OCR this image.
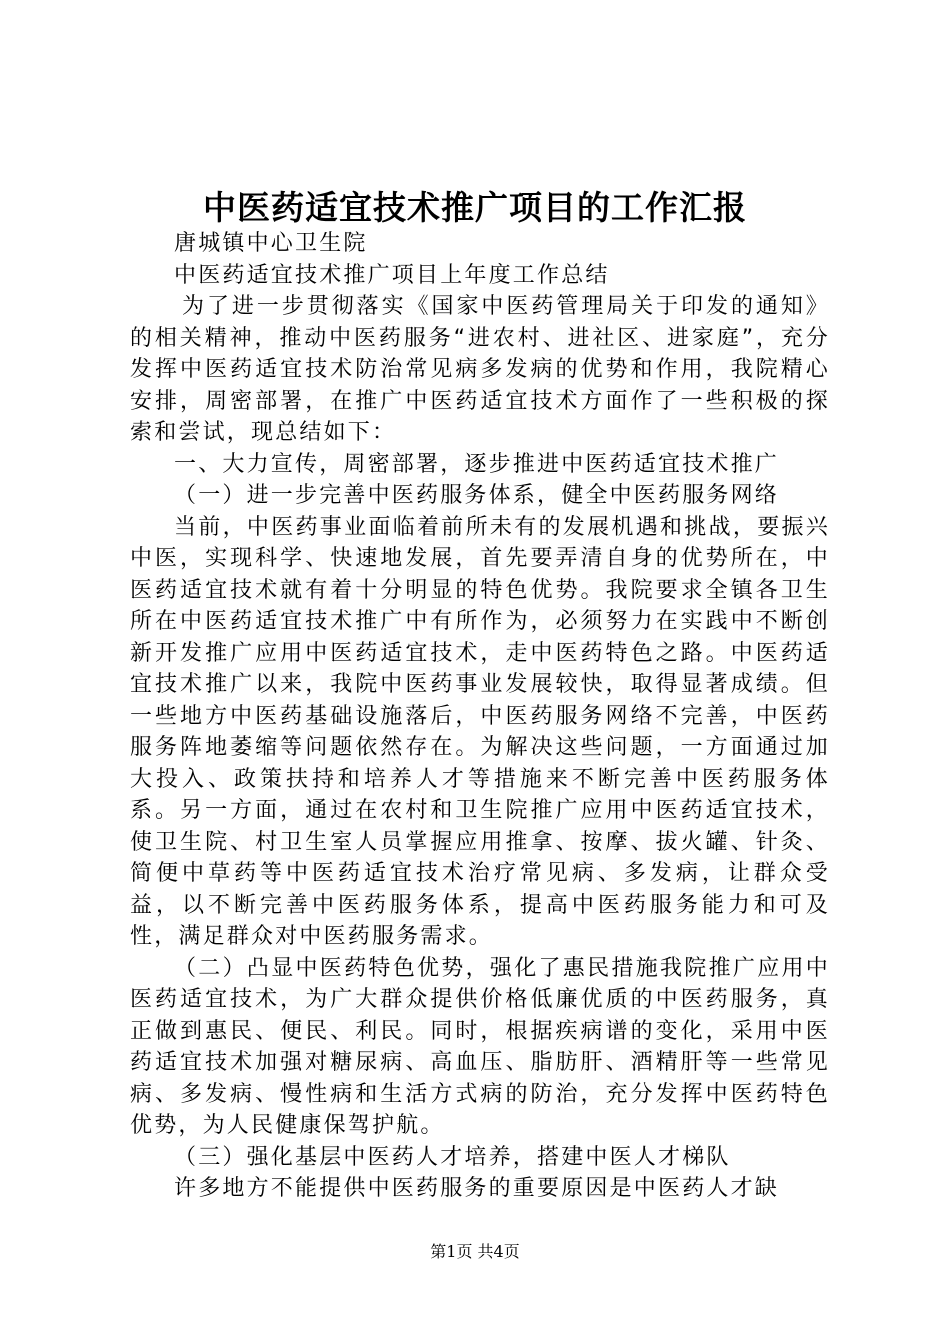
中医药适宜技术推广项目的工作汇报

唐城镇中心卫生院

中医药适宜技术推广项目上年度工作总结

为了进一步贯彻落实《国家中医药管理局关于印发的通知》的相关精神，推动中医药服务“进农村、进社区、进家庭”，充分发挥中医药适宜技术防治常见病多发病的优势和作用，我院精心安排，周密部署，在推广中医药适宜技术方面作了一些积极的探索和尝试，现总结如下：

一、大力宣传，周密部署，逐步推进中医药适宜技术推广

（一）进一步完善中医药服务体系，健全中医药服务网络

当前，中医药事业面临着前所未有的发展机遇和挑战，要振兴中医，实现科学、快速地发展，首先要弄清自身的优势所在，中医药适宜技术就有着十分明显的特色优势。我院要求全镇各卫生所在中医药适宜技术推广中有所作为，必须努力在实践中不断创新开发推广应用中医药适宜技术，走中医药特色之路。中医药适宜技术推广以来，我院中医药事业发展较快，取得显著成绩。但一些地方中医药基础设施落后，中医药服务网络不完善，中医药服务阵地萎缩等问题依然存在。为解决这些问题，一方面通过加大投入、政策扶持和培养人才等措施来不断完善中医药服务体系。另一方面，通过在农村和卫生院推广应用中医药适宜技术，使卫生院、村卫生室人员掌握应用推拿、按摩、拔火罐、针灸、简便中草药等中医药适宜技术治疗常见病、多发病，让群众受益，以不断完善中医药服务体系，提高中医药服务能力和可及性，满足群众对中医药服务需求。

（二）凸显中医药特色优势，强化了惠民措施我院推广应用中医药适宜技术，为广大群众提供价格低廉优质的中医药服务，真正做到惠民、便民、利民。同时，根据疾病谱的变化，采用中医药适宜技术加强对糖尿病、高血压、脂肪肝、酒精肝等一些常见病、多发病、慢性病和生活方式病的防治，充分发挥中医药特色优势，为人民健康保驾护航。

（三）强化基层中医药人才培养，搭建中医人才梯队

许多地方不能提供中医药服务的重要原因是中医药人才缺

第1页 共4页
